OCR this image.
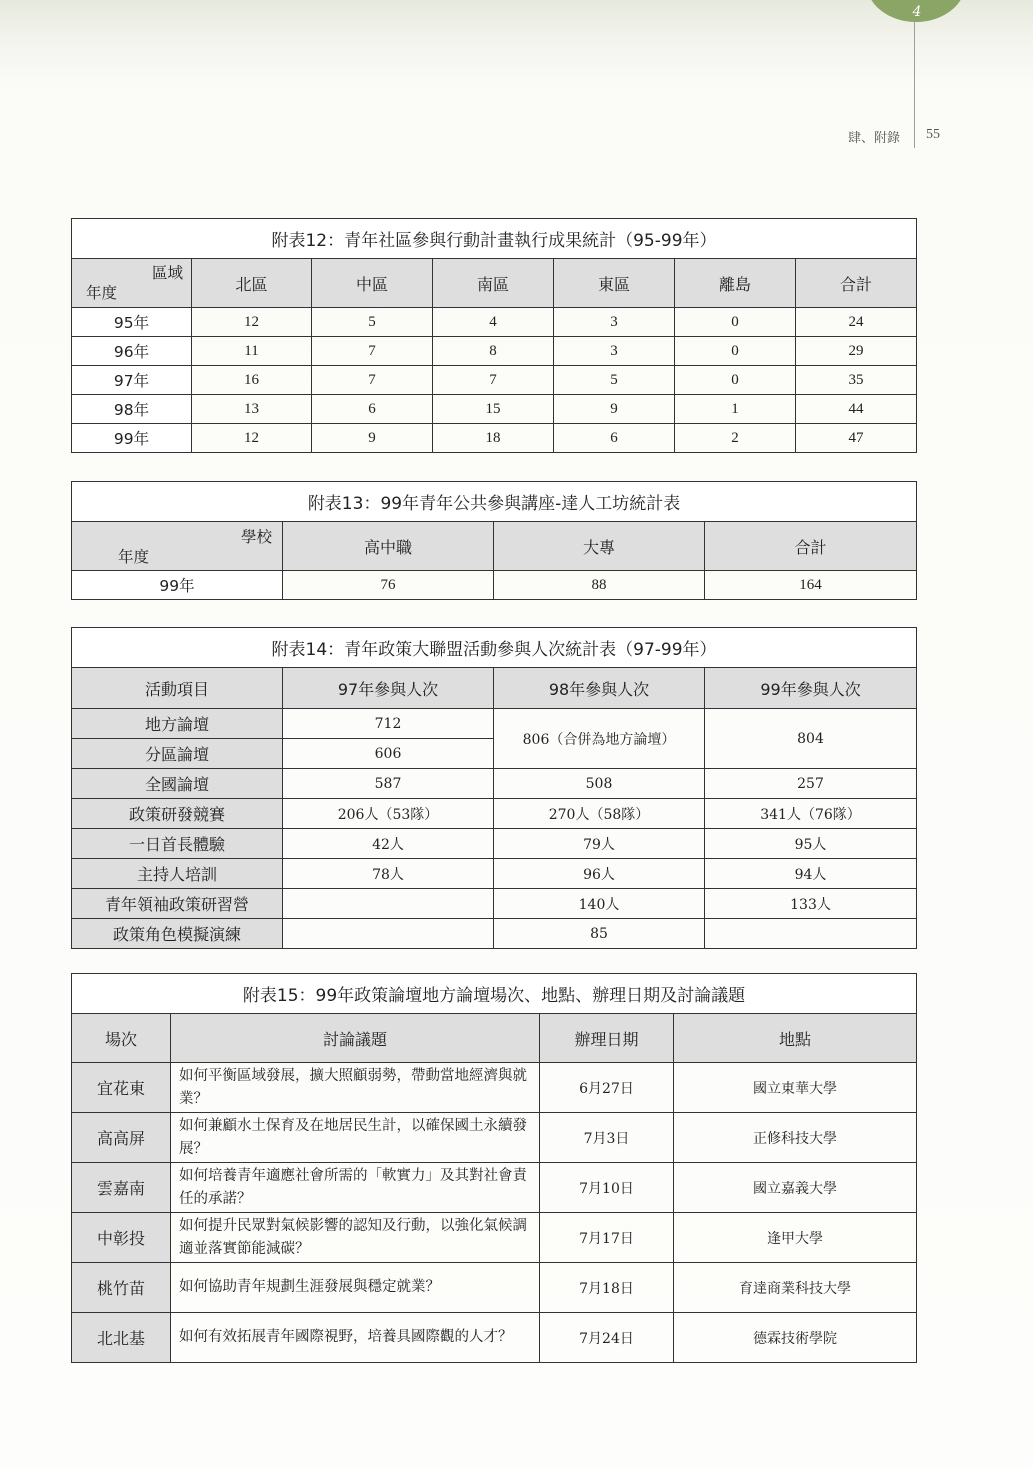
4
肆、附錄 55
附表12：青年社區參與行動計畫執行成果統計（95-99年）						

區域
年度	北區	中區	南區	東區	離島	合計
95年	12	5	4	3	0	24
96年	11	7	8	3	0	29
97年	16	7	7	5	0	35
98年	13	6	15	9	1	44
99年	12	9	18	6	2	47
附表13：99年青年公共參與講座-達人工坊統計表			

學校
年度	高中職	大專	合計
99年	76	88	164
附表14：青年政策大聯盟活動參與人次統計表（97-99年）			
活動項目	97年參與人次	98年參與人次	99年參與人次
地方論壇	712	806（合併為地方論壇）	804
分區論壇	606		
全國論壇	587	508	257
政策研發競賽	206人（53隊）	270人（58隊）	341人（76隊）
一日首長體驗	42人	79人	95人
主持人培訓	78人	96人	94人
青年領袖政策研習營		140人	133人
政策角色模擬演練		85	
附表15：99年政策論壇地方論壇場次、地點、辦理日期及討論議題			
場次	討論議題	辦理日期	地點
宜花東	如何平衡區域發展，擴大照顧弱勢，帶動當地經濟與就業？	6月27日	國立東華大學
高高屏	如何兼顧水土保育及在地居民生計，以確保國土永續發展？	7月3日	正修科技大學
雲嘉南	如何培養青年適應社會所需的「軟實力」及其對社會責任的承諾？	7月10日	國立嘉義大學
中彰投	如何提升民眾對氣候影響的認知及行動，以強化氣候調適並落實節能減碳？	7月17日	逢甲大學
桃竹苗	如何協助青年規劃生涯發展與穩定就業？	7月18日	育達商業科技大學
北北基	如何有效拓展青年國際視野，培養具國際觀的人才？	7月24日	德霖技術學院
